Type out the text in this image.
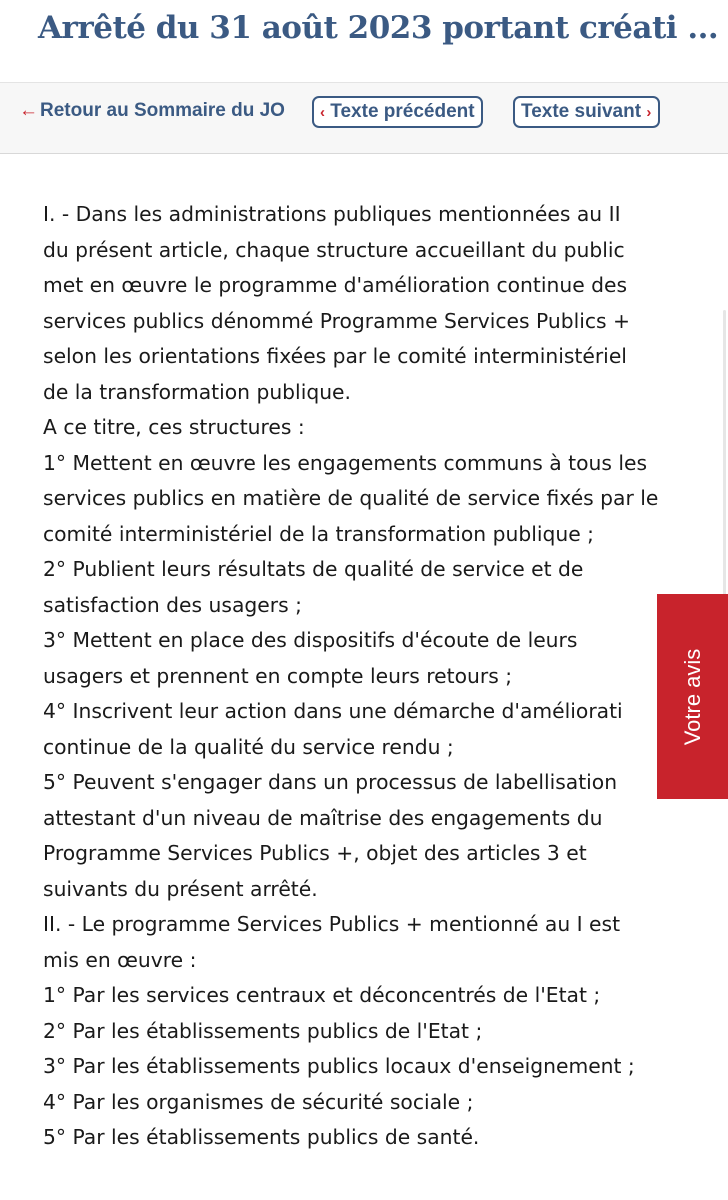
Arrêté du 31 août 2023 portant créati ...
← Retour au Sommaire du JO	‹ Texte précédent	Texte suivant ›
I. - Dans les administrations publiques mentionnées au II
du présent article, chaque structure accueillant du public
met en œuvre le programme d'amélioration continue des
services publics dénommé Programme Services Publics +
selon les orientations fixées par le comité interministériel
de la transformation publique.
A ce titre, ces structures :
1° Mettent en œuvre les engagements communs à tous les
services publics en matière de qualité de service fixés par le
comité interministériel de la transformation publique ;
2° Publient leurs résultats de qualité de service et de
satisfaction des usagers ;
3° Mettent en place des dispositifs d'écoute de leurs
usagers et prennent en compte leurs retours ;
4° Inscrivent leur action dans une démarche d'améliorati
continue de la qualité du service rendu ;
5° Peuvent s'engager dans un processus de labellisation
attestant d'un niveau de maîtrise des engagements du
Programme Services Publics +, objet des articles 3 et
suivants du présent arrêté.
II. - Le programme Services Publics + mentionné au I est
mis en œuvre :
1° Par les services centraux et déconcentrés de l'Etat ;
2° Par les établissements publics de l'Etat ;
3° Par les établissements publics locaux d'enseignement ;
4° Par les organismes de sécurité sociale ;
5° Par les établissements publics de santé.
Votre avis
